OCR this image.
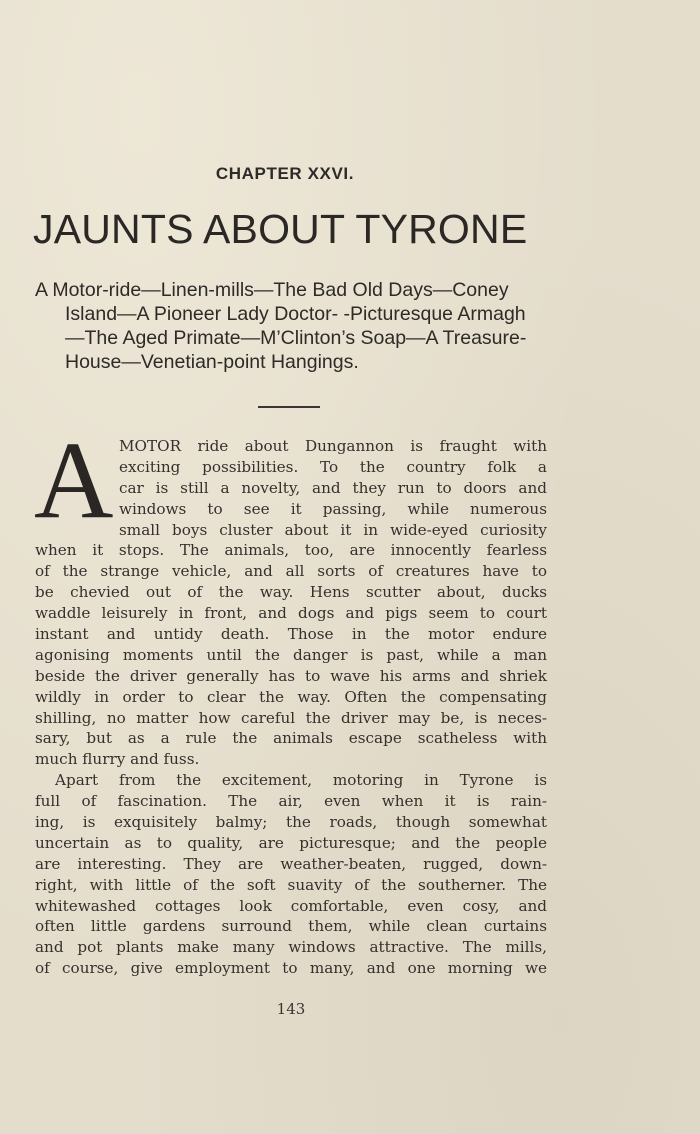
CHAPTER XXVI.
JAUNTS ABOUT TYRONE
A Motor-ride—Linen-mills—The Bad Old Days—Coney
Island—A Pioneer Lady Doctor- -Picturesque Armagh
—The Aged Primate—M’Clinton’s Soap—A Treasure-
House—Venetian-point Hangings.
A MOTOR ride about Dungannon is fraught with
exciting possibilities. To the country folk a
car is still a novelty, and they run to doors and
windows to see it passing, while numerous
small boys cluster about it in wide-eyed curiosity
when it stops. The animals, too, are innocently fearless
of the strange vehicle, and all sorts of creatures have to
be chevied out of the way. Hens scutter about, ducks
waddle leisurely in front, and dogs and pigs seem to court
instant and untidy death. Those in the motor endure
agonising moments until the danger is past, while a man
beside the driver generally has to wave his arms and shriek
wildly in order to clear the way. Often the compensating
shilling, no matter how careful the driver may be, is neces-
sary, but as a rule the animals escape scatheless with
much flurry and fuss.
Apart from the excitement, motoring in Tyrone is
full of fascination. The air, even when it is rain-
ing, is exquisitely balmy; the roads, though somewhat
uncertain as to quality, are picturesque; and the people
are interesting. They are weather-beaten, rugged, down-
right, with little of the soft suavity of the southerner. The
whitewashed cottages look comfortable, even cosy, and
often little gardens surround them, while clean curtains
and pot plants make many windows attractive. The mills,
of course, give employment to many, and one morning we
143
